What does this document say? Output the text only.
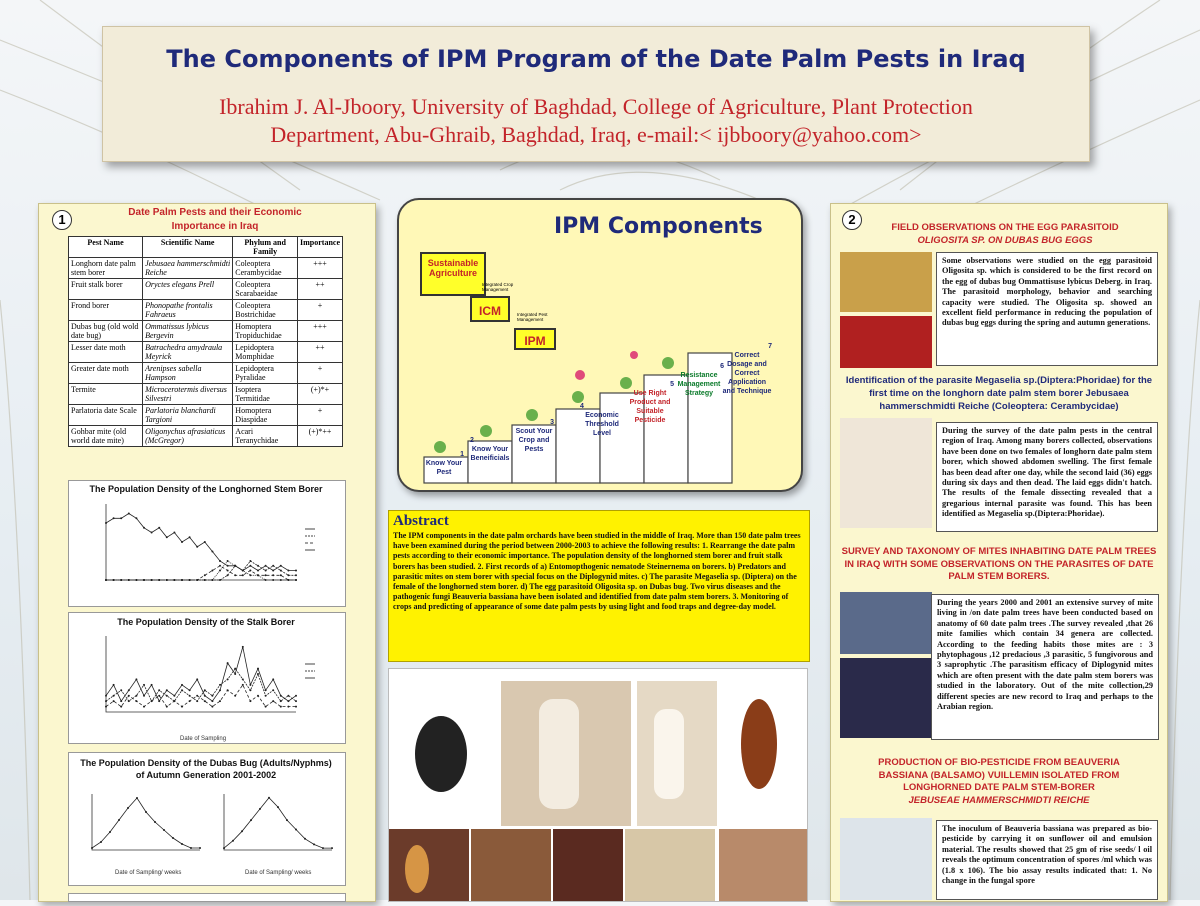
The Components of IPM Program of the Date Palm Pests in Iraq
Ibrahim J. Al-Jboory, University of Baghdad, College of Agriculture, Plant Protection
Department, Abu-Ghraib, Baghdad, Iraq, e-mail:< ijbboory@yahoo.com>
1	Date Palm Pests and their Economic Importance in Iraq
Pest Name	Scientific Name	Phylum and Family	Importance
Longhorn date palm stem borer	Jebusaea hammerschmidti Reiche	Coleoptera Cerambycidae	+++
Fruit stalk borer	Oryctes elegans Prell	Coleoptera Scarabaeidae	++
Frond borer	Phonopathe frontalis Fahraeus	Coleoptera Bostrichidae	+
Dubas bug (old wold date bug)	Ommatissus lybicus Bergevin	Homoptera Tropiduchidae	+++
Lesser date moth	Batrachedra amydraula Meyrick	Lepidoptera Momphidae	++
Greater date moth	Arenipses sabella Hampson	Lepidoptera Pyralidae	+
Termite	Microcerotermis diversus Silvestri	Isoptera Termitidae	(+)*+
Parlatoria date Scale	Parlatoria blanchardi Targioni	Homoptera Diaspidae	+
Gohbar mite (old world date mite)	Oligonychus afrasiaticus (McGregor)	Acari Teranychidae	(+)*++
The Population Density of the Longhorned Stem Borer
The Population Density of the Stalk Borer
Date of Sampling
The Population Density of the Dubas Bug (Adults/Nyphms)
of Autumn Generation 2001-2002
Date of Sampling/ weeks	Date of Sampling/ weeks
IPM Components
Sustainable Agriculture
ICM
Integrated Crop Management
IPM
Integrated Pest Management
1
Know Your Pest
2
Know Your Beneificials
3
Scout Your Crop and Pests
4
Economic Threshold Level
5
Use Right Product and Suitable Pesticide
6
Resistance Management Strategy
7
Correct Dosage and Correct Application and Technique
Abstract
The IPM components in the date palm orchards have been studied in the middle of Iraq. More than 150 date palm trees have been examined during the period between 2000-2003 to achieve the following results: 1. Rearrange the date palm pests according to their economic importance. The population density of the longhorned stem borer and fruit stalk borers has been studied. 2. First records of a) Entomopthogenic nematode Steinernema on borers. b) Predators and parasitic mites on stem borer with special focus on the Diplogynid mites. c) The parasite Megaselia sp. (Diptera) on the female of the longhorned stem borer. d) The egg parasitoid Oligosita sp. on Dubas bug. Two virus diseases and the pathogenic fungi Beauveria bassiana have been isolated and identified from date palm stem borers. 3. Monitoring of crops and predicting of appearance of some date palm pests by using light and food traps and degree-day model.
2
FIELD OBSERVATIONS ON THE EGG PARASITOID
OLIGOSITA SP. ON DUBAS BUG EGGS
Some observations were studied on the egg parasitoid Oligosita sp. which is considered to be the first record on the egg of dubas bug Ommattisuse lybicus Deberg. in Iraq. The parasitoid morphology, behavior and searching capacity were studied. The Oligosita sp. showed an excellent field performance in reducing the population of dubas bug eggs during the spring and autumn generations.
Identification of the parasite Megaselia sp.(Diptera:Phoridae) for the first time on the longhorn date palm stem borer Jebusaea hammerschmidti Reiche (Coleoptera: Cerambycidae)
During the survey of the date palm pests in the central region of Iraq. Among many borers collected, observations have been done on two females of longhorn date palm stem borer, which showed abdomen swelling. The first female has been dead after one day, while the second laid (36) eggs during six days and then dead. The laid eggs didn't hatch. The results of the female dissecting revealed that a gregarious internal parasite was found. This has been identified as Megaselia sp.(Diptera:Phoridae).
SURVEY AND TAXONOMY OF MITES INHABITING DATE PALM TREES IN IRAQ WITH SOME OBSERVATIONS ON THE PARASITES OF DATE PALM STEM BORERS.
During the years 2000 and 2001 an extensive survey of mite living in /on date palm trees have been conducted based on anatomy of 60 date palm trees .The survey revealed ,that 26 mite families which contain 34 genera are collected. According to the feeding habits those mites are : 3 phytophagous ,12 predacious ,3 parasitic, 5 fungivorous and 3 saprophytic .The parasitism efficacy of Diplogynid mites which are often present with the date palm stem borers was studied in the laboratory. Out of the mite collection,29 different species are new record to Iraq and perhaps to the Arabian region.
PRODUCTION OF BIO-PESTICIDE FROM BEAUVERIA
BASSIANA (BALSAMO) VUILLEMIN ISOLATED FROM
LONGHORNED DATE PALM STEM-BORER
JEBUSEAE HAMMERSCHMIDTI REICHE
The inoculum of Beauveria bassiana was prepared as bio-pesticide by carrying it on sunflower oil and emulsion material. The results showed that 25 gm of rise seeds/ l oil reveals the optimum concentration of spores /ml which was (1.8 x 106). The bio assay results indicated that: 1. No change in the fungal spore
